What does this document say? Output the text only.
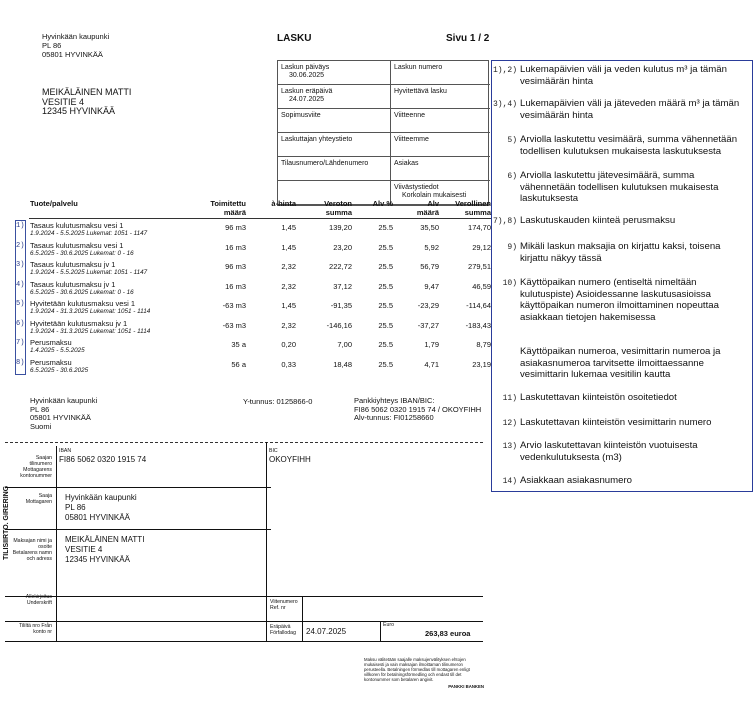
Hyvinkään kaupunki
PL 86
05801 HYVINKÄÄ
LASKU	Sivu 1 / 2
MEIKÄLÄINEN MATTI
VESITIE 4
12345 HYVINKÄÄ
Laskun päiväys
30.06.2025
Laskun numero
Laskun eräpäivä
24.07.2025
Hyvitettävä lasku
Sopimusviite	Viitteenne
Laskuttajan yhteystieto	Viitteemme
Tilausnumero/Lähdenumero	Asiakas
Viivästystiedot
Korkolain mukaisesti
Tuote/palvelu	Toimitettu
määrä
à-hinta	Veroton
summa
Alv %	Alv
määrä
Verollinen
summa
1)
2)
3)
4)
5)
6)
7)
8)
Tasaus kulutusmaksu vesi 1
1.9.2024 - 5.5.2025 Lukemat: 1051 - 1147
96 m3	1,45	139,20	25.5	35,50	174,70
Tasaus kulutusmaksu vesi 1
6.5.2025 - 30.6.2025 Lukemat: 0 - 16
16 m3	1,45	23,20	25.5	5,92	29,12
Tasaus kulutusmaksu jv 1
1.9.2024 - 5.5.2025 Lukemat: 1051 - 1147
96 m3	2,32	222,72	25.5	56,79	279,51
Tasaus kulutusmaksu jv 1
6.5.2025 - 30.6.2025 Lukemat: 0 - 16
16 m3	2,32	37,12	25.5	9,47	46,59
Hyvitetään kulutusmaksu vesi 1
1.9.2024 - 31.3.2025 Lukemat: 1051 - 1114
-63 m3	1,45	-91,35	25.5	-23,29	-114,64
Hyvitetään kulutusmaksu jv 1
1.9.2024 - 31.3.2025 Lukemat: 1051 - 1114
-63 m3	2,32	-146,16	25.5	-37,27	-183,43
Perusmaksu
1.4.2025 - 5.5.2025
35 a	0,20	7,00	25.5	1,79	8,79
Perusmaksu
6.5.2025 - 30.6.2025
56 a	0,33	18,48	25.5	4,71	23,19
Hyvinkään kaupunki
PL 86
05801 HYVINKÄÄ
Suomi
Y-tunnus: 0125866-0	Pankkiyhteys IBAN/BIC:
FI86 5062 0320 1915 74 / OKOYFIHH
Alv-tunnus: FI01258660
1),2) Lukemapäivien väli ja veden kulutus m³ ja tämän vesimäärän hinta
3),4) Lukemapäivien väli ja jäteveden määrä m³ ja tämän vesimäärän hinta
5) Arviolla laskutettu vesimäärä, summa vähennetään todellisen kulutuksen mukaisesta laskutuksesta
6) Arviolla laskutettu jätevesimäärä, summa vähennetään todellisen kulutuksen mukaisesta laskutuksesta
7),8) Laskutuskauden kiinteä perusmaksu
9) Mikäli laskun maksajia on kirjattu kaksi, toisena kirjattu näkyy tässä
10) Käyttöpaikan numero (entiseltä nimeltään kulutuspiste) Asioidessanne laskutusasioissa käyttöpaikan numeron ilmoittaminen nopeuttaa asiakkaan tietojen hakemisessa
Käyttöpaikan numeroa, vesimittarin numeroa ja asiakasnumeroa tarvitsette ilmoittaessanne vesimittarin lukemaa vesitilin kautta
11) Laskutettavan kiinteistön osoitetiedot
12) Laskutettavan kiinteistön vesimittarin numero
13) Arvio laskutettavan kiinteistön vuotuisesta vedenkulutuksesta (m3)
14) Asiakkaan asiakasnumero
TILISIIRTO. GIRERING
Saajan tilinumero Mottagarens kontonummer
IBAN
FI86 5062 0320 1915 74
BIC
OKOYFIHH
Saaja Mottagaren Hyvinkään kaupunki
PL 86
05801 HYVINKÄÄ
Maksajan nimi ja osoite Betalarens namn och adress
MEIKÄLÄINEN MATTI
VESITIE 4
12345 HYVINKÄÄ
Allekirjoitus Underskrift	Viitenumero Ref. nr
Tililtä nro Från konto nr
Eräpäivä Förfallodag	24.07.2025
Euro
263,83 euroa
Maksu välitetään saajalle maksujenvälityksen ehtojen mukaisesti ja vain maksajan ilmoittaman tilinumeron perusteella. Betalningen förmedlas till mottagaren enligt villkoren för betalningsförmedling och endast till det kontonummer som betalaren angivit.
PANKKI BANKEN
